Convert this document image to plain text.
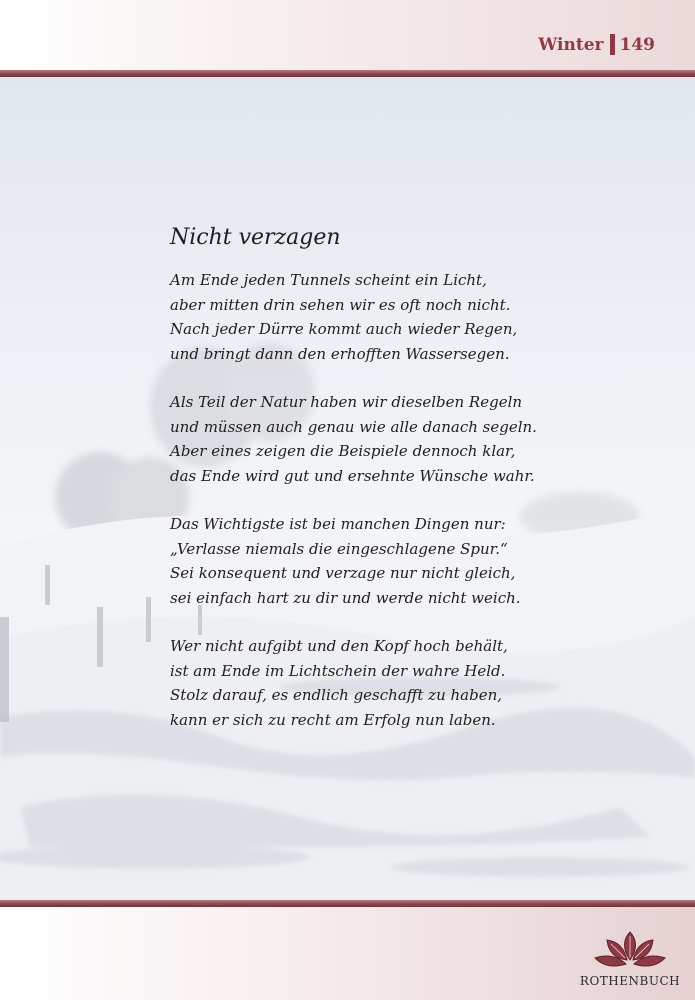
Winter 149
Nicht verzagen
Am Ende jeden Tunnels scheint ein Licht,
aber mitten drin sehen wir es oft noch nicht.
Nach jeder Dürre kommt auch wieder Regen,
und bringt dann den erhofften Wassersegen.
Als Teil der Natur haben wir dieselben Regeln
und müssen auch genau wie alle danach segeln.
Aber eines zeigen die Beispiele dennoch klar,
das Ende wird gut und ersehnte Wünsche wahr.
Das Wichtigste ist bei manchen Dingen nur:
„Verlasse niemals die eingeschlagene Spur.“
Sei konsequent und verzage nur nicht gleich,
sei einfach hart zu dir und werde nicht weich.
Wer nicht aufgibt und den Kopf hoch behält,
ist am Ende im Lichtschein der wahre Held.
Stolz darauf, es endlich geschafft zu haben,
kann er sich zu recht am Erfolg nun laben.
ROTHENBUCH
